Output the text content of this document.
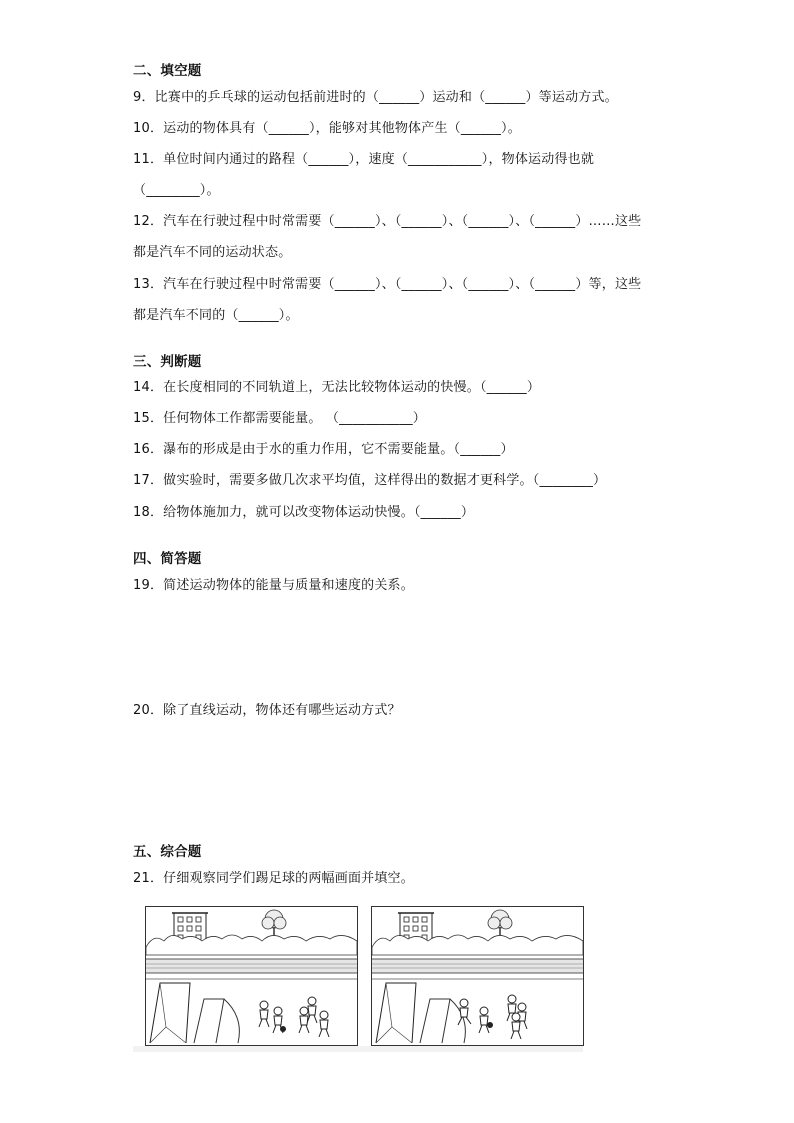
二、填空题
9．比赛中的乒乓球的运动包括前进时的（______）运动和（______）等运动方式。
10．运动的物体具有（______），能够对其他物体产生（______）。
11．单位时间内通过的路程（______），速度（___________），物体运动得也就
（________）。
12．汽车在行驶过程中时常需要（______）、（______）、（______）、（______）……这些
都是汽车不同的运动状态。
13．汽车在行驶过程中时常需要（______）、（______）、（______）、（______）等，这些
都是汽车不同的（______）。
三、判断题
14．在长度相同的不同轨道上，无法比较物体运动的快慢。（______）
15．任何物体工作都需要能量。 （___________）
16．瀑布的形成是由于水的重力作用，它不需要能量。（______）
17．做实验时，需要多做几次求平均值，这样得出的数据才更科学。（________）
18．给物体施加力，就可以改变物体运动快慢。（______）
四、简答题
19．简述运动物体的能量与质量和速度的关系。
20．除了直线运动，物体还有哪些运动方式？
五、综合题
21．仔细观察同学们踢足球的两幅画面并填空。
